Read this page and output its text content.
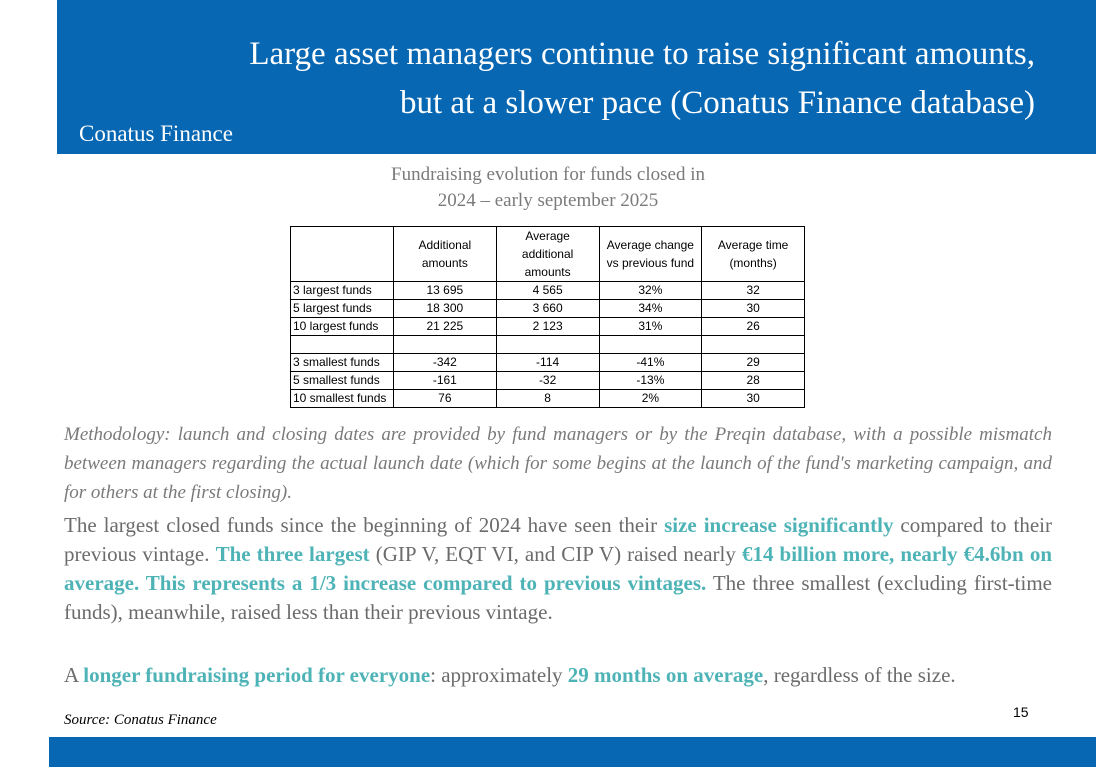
Large asset managers continue to raise significant amounts,
but at a slower pace (Conatus Finance database)
Conatus Finance
Fundraising evolution for funds closed in
2024 – early september 2025
	Additional amounts	Average additional amounts	Average change vs previous fund	Average time (months)
3 largest funds	13 695	4 565	32%	32
5 largest funds	18 300	3 660	34%	30
10 largest funds	21 225	2 123	31%	26

3 smallest funds	-342	-114	-41%	29
5 smallest funds	-161	-32	-13%	28
10 smallest funds	76	8	2%	30
Methodology: launch and closing dates are provided by fund managers or by the Preqin database, with a possible mismatch between managers regarding the actual launch date (which for some begins at the launch of the fund's marketing campaign, and for others at the first closing).
The largest closed funds since the beginning of 2024 have seen their size increase significantly compared to their previous vintage. The three largest (GIP V, EQT VI, and CIP V) raised nearly €14 billion more, nearly €4.6bn on average. This represents a 1/3 increase compared to previous vintages. The three smallest (excluding first-time funds), meanwhile, raised less than their previous vintage.
A longer fundraising period for everyone: approximately 29 months on average, regardless of the size.
Source: Conatus Finance	15
